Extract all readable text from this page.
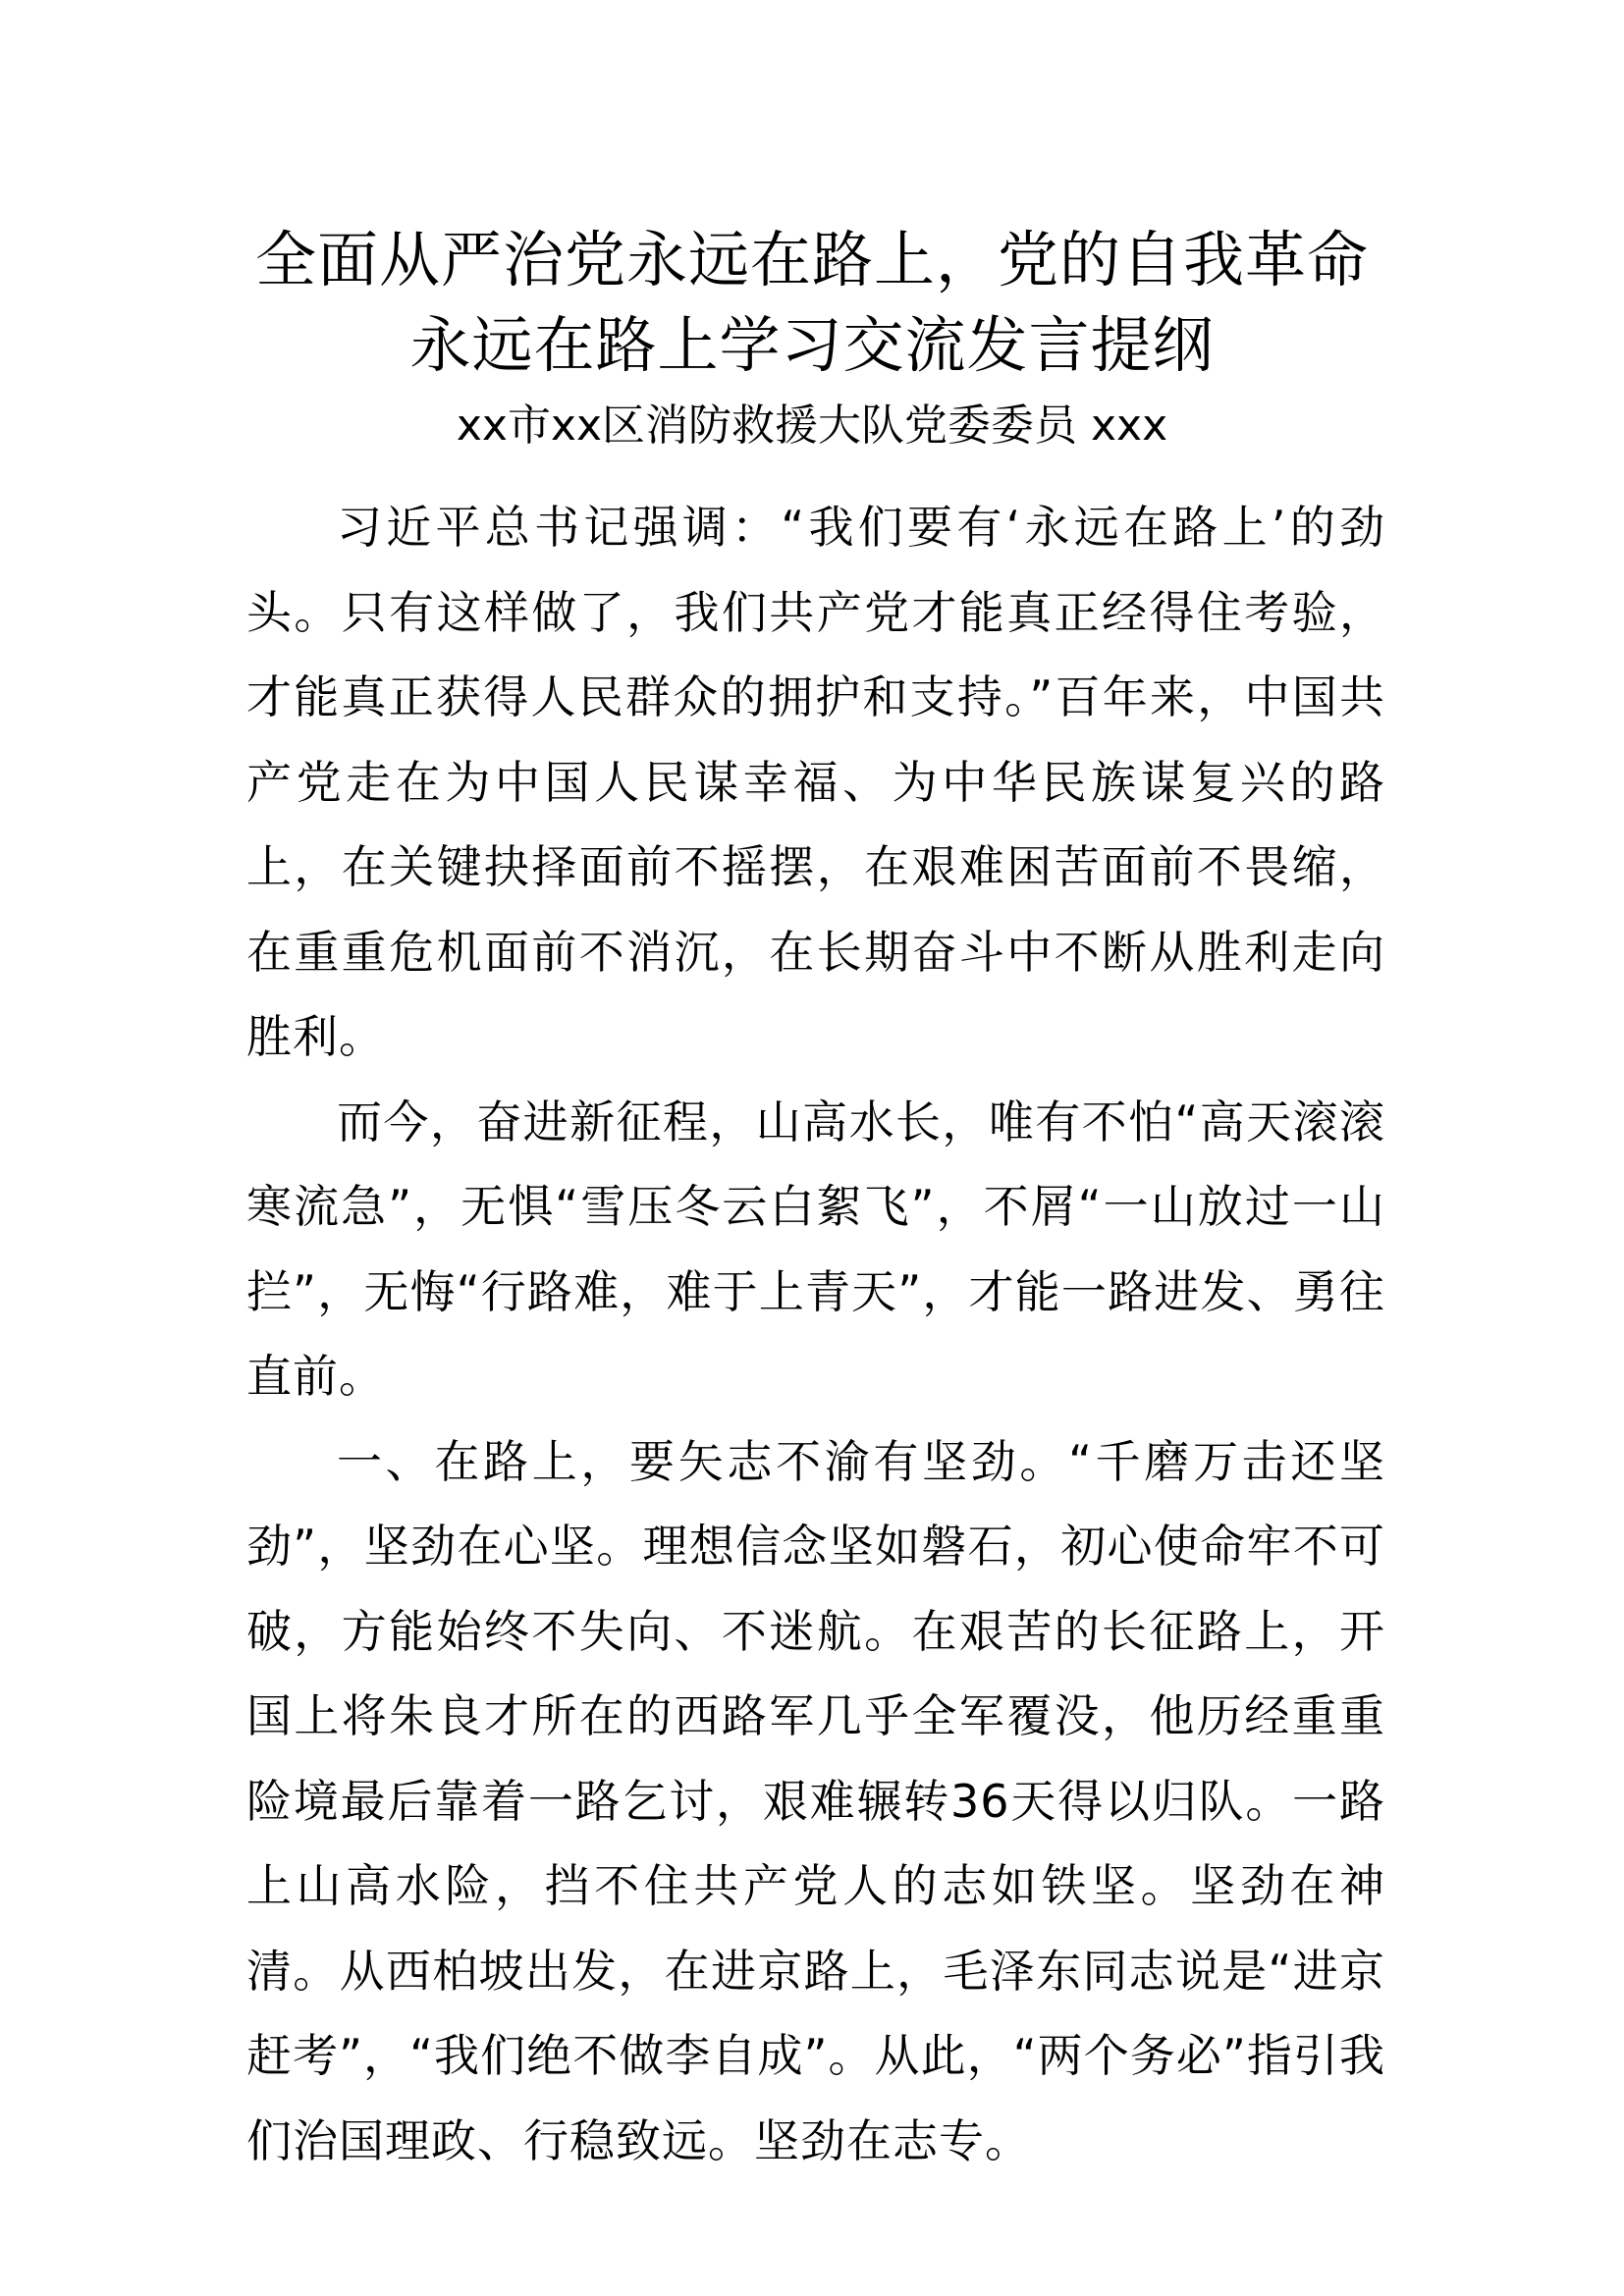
全面从严治党永远在路上，党的自我革命
永远在路上学习交流发言提纲
xx市xx区消防救援大队党委委员 xxx

习近平总书记强调：“我们要有‘永远在路上’的劲头。只有这样做了，我们共产党才能真正经得住考验，才能真正获得人民群众的拥护和支持。”百年来，中国共产党走在为中国人民谋幸福、为中华民族谋复兴的路上，在关键抉择面前不摇摆，在艰难困苦面前不畏缩，在重重危机面前不消沉，在长期奋斗中不断从胜利走向胜利。

而今，奋进新征程，山高水长，唯有不怕“高天滚滚寒流急”，无惧“雪压冬云白絮飞”，不屑“一山放过一山拦”，无悔“行路难，难于上青天”，才能一路进发、勇往直前。

一、在路上，要矢志不渝有坚劲。“千磨万击还坚劲”，坚劲在心坚。理想信念坚如磐石，初心使命牢不可破，方能始终不失向、不迷航。在艰苦的长征路上，开国上将朱良才所在的西路军几乎全军覆没，他历经重重险境最后靠着一路乞讨，艰难辗转36天得以归队。一路上山高水险，挡不住共产党人的志如铁坚。坚劲在神清。从西柏坡出发，在进京路上，毛泽东同志说是“进京赶考”，“我们绝不做李自成”。从此，“两个务必”指引我们治国理政、行稳致远。坚劲在志专。
